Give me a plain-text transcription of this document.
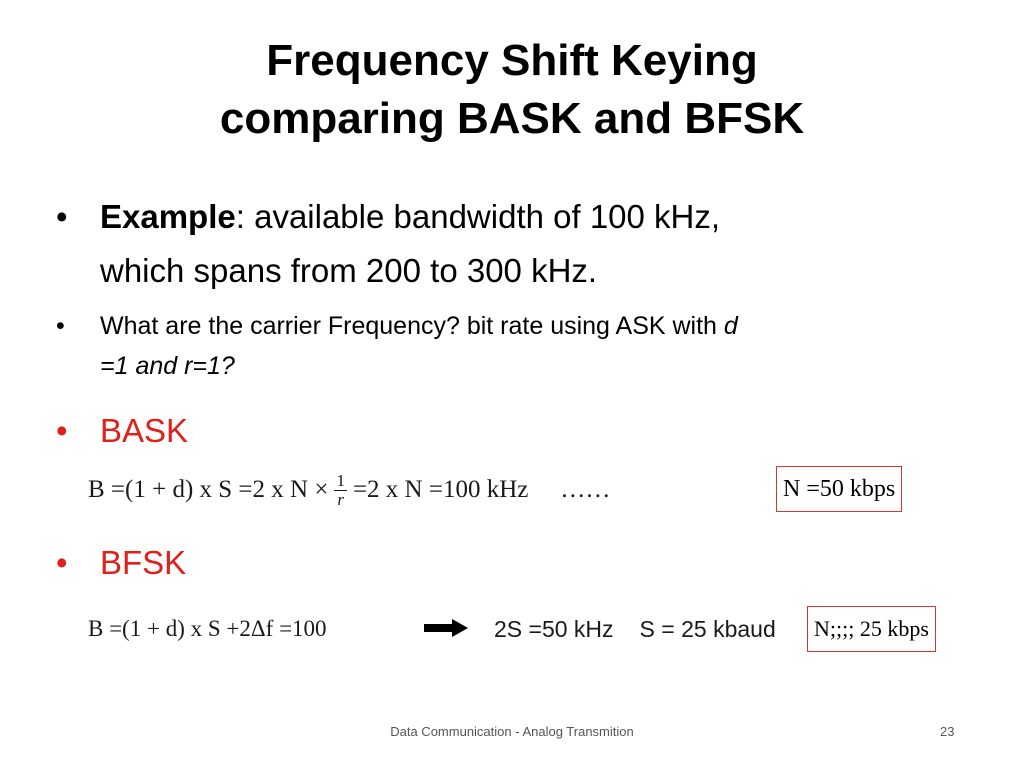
Frequency Shift Keying
comparing BASK and BFSK
• Example: available bandwidth of 100 kHz,
which spans from 200 to 300 kHz.
•	What are the carrier Frequency? bit rate using ASK with d
=1 and r=1?
• BASK
B =(1 + d) x S =2 x $N \times \frac{1}{r} =2$ x N =100 kHz ……	N =50 kbps
• BFSK
B =(1 + d) x S +2Δf =100	2S =50 kHz S = 25 kbaud N;;;; 25 kbps
Data Communication - Analog Transmition	23
